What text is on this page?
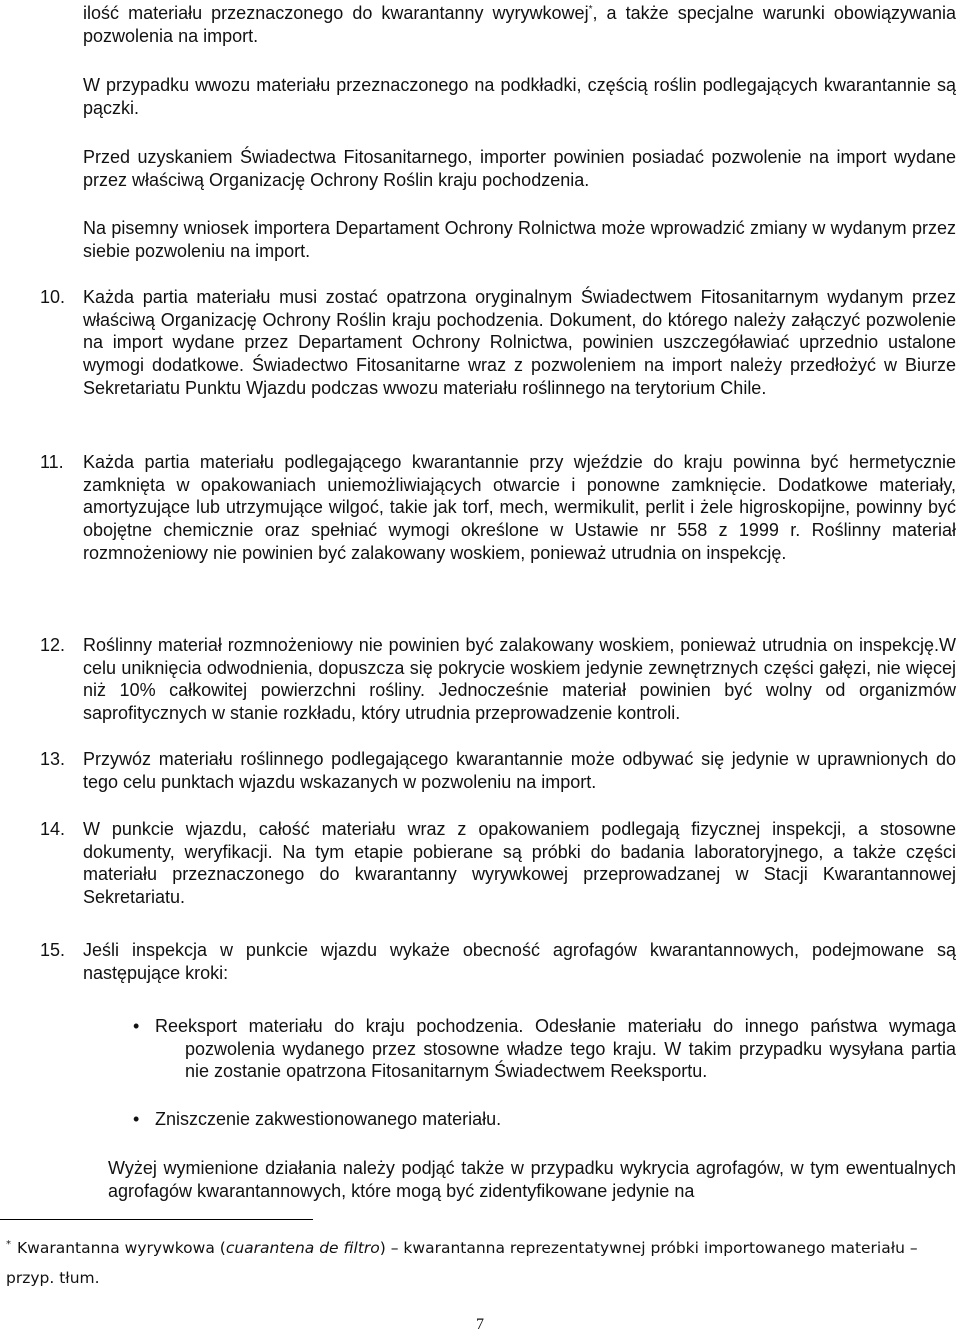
ilość materiału przeznaczonego do kwarantanny wyrywkowej*, a także specjalne warunki obowiązywania pozwolenia na import.

W przypadku wwozu materiału przeznaczonego na podkładki, częścią roślin podlegających kwarantannie są pączki.

Przed uzyskaniem Świadectwa Fitosanitarnego, importer powinien posiadać pozwolenie na import wydane przez właściwą Organizację Ochrony Roślin kraju pochodzenia.

Na pisemny wniosek importera Departament Ochrony Rolnictwa może wprowadzić zmiany w wydanym przez siebie pozwoleniu na import.

10. Każda partia materiału musi zostać opatrzona oryginalnym Świadectwem Fitosanitarnym wydanym przez właściwą Organizację Ochrony Roślin kraju pochodzenia. Dokument, do którego należy załączyć pozwolenie na import wydane przez Departament Ochrony Rolnictwa, powinien uszczegóławiać uprzednio ustalone wymogi dodatkowe. Świadectwo Fitosanitarne wraz z pozwoleniem na import należy przedłożyć w Biurze Sekretariatu Punktu Wjazdu podczas wwozu materiału roślinnego na terytorium Chile.

11. Każda partia materiału podlegającego kwarantannie przy wjeździe do kraju powinna być hermetycznie zamknięta w opakowaniach uniemożliwiających otwarcie i ponowne zamknięcie. Dodatkowe materiały, amortyzujące lub utrzymujące wilgoć, takie jak torf, mech, wermikulit, perlit i żele higroskopijne, powinny być obojętne chemicznie oraz spełniać wymogi określone w Ustawie nr 558 z 1999 r. Roślinny materiał rozmnożeniowy nie powinien być zalakowany woskiem, ponieważ utrudnia on inspekcję.

12. Roślinny materiał rozmnożeniowy nie powinien być zalakowany woskiem, ponieważ utrudnia on inspekcję.W celu uniknięcia odwodnienia, dopuszcza się pokrycie woskiem jedynie zewnętrznych części gałęzi, nie więcej niż 10% całkowitej powierzchni rośliny. Jednocześnie materiał powinien być wolny od organizmów saprofitycznych w stanie rozkładu, który utrudnia przeprowadzenie kontroli.

13. Przywóz materiału roślinnego podlegającego kwarantannie może odbywać się jedynie w uprawnionych do tego celu punktach wjazdu wskazanych w pozwoleniu na import.

14. W punkcie wjazdu, całość materiału wraz z opakowaniem podlegają fizycznej inspekcji, a stosowne dokumenty, weryfikacji. Na tym etapie pobierane są próbki do badania laboratoryjnego, a także części materiału przeznaczonego do kwarantanny wyrywkowej przeprowadzanej w Stacji Kwarantannowej Sekretariatu.

15. Jeśli inspekcja w punkcie wjazdu wykaże obecność agrofagów kwarantannowych, podejmowane są następujące kroki:

• Reeksport materiału do kraju pochodzenia. Odesłanie materiału do innego państwa wymaga pozwolenia wydanego przez stosowne władze tego kraju. W takim przypadku wysyłana partia nie zostanie opatrzona Fitosanitarnym Świadectwem Reeksportu.

• Zniszczenie zakwestionowanego materiału.

Wyżej wymienione działania należy podjąć także w przypadku wykrycia agrofagów, w tym ewentualnych agrofagów kwarantannowych, które mogą być zidentyfikowane jedynie na

* Kwarantanna wyrywkowa (cuarantena de filtro) – kwarantanna reprezentatywnej próbki importowanego materiału – przyp. tłum.

7
